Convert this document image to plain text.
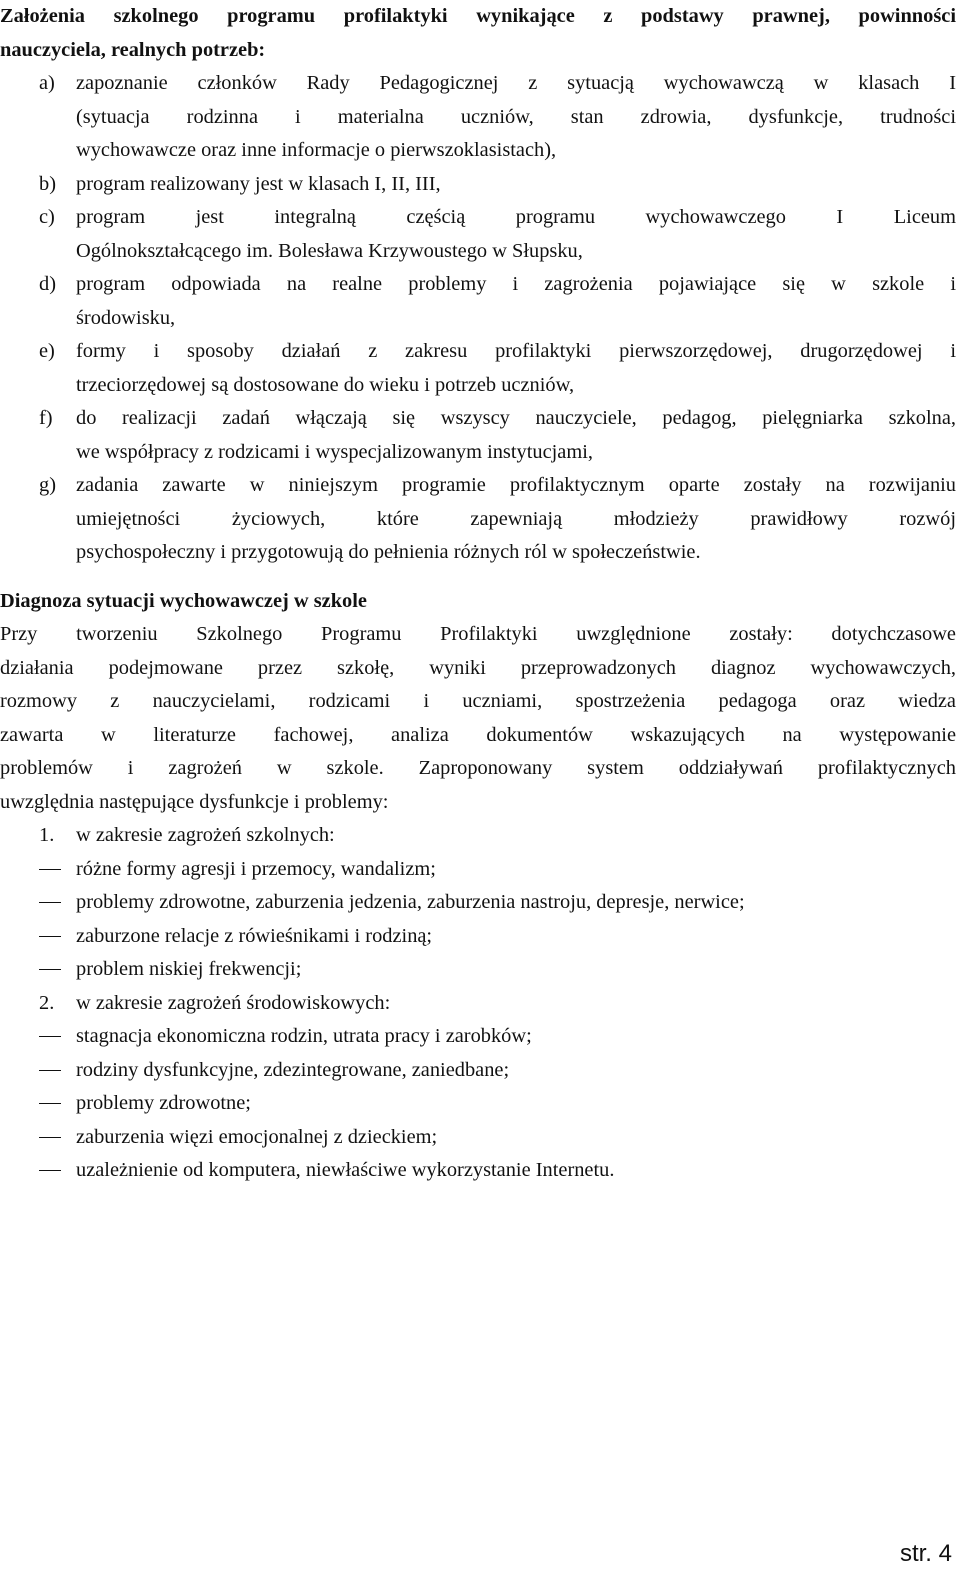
Założenia szkolnego programu profilaktyki wynikające z podstawy prawnej, powinności
nauczyciela, realnych potrzeb:
a) zapoznanie członków Rady Pedagogicznej z sytuacją wychowawczą w klasach I
(sytuacja rodzinna i materialna uczniów, stan zdrowia, dysfunkcje, trudności
wychowawcze oraz inne informacje o pierwszoklasistach),
b) program realizowany jest w klasach I, II, III,
c) program jest integralną częścią programu wychowawczego I Liceum
Ogólnokształcącego im. Bolesława Krzywoustego w Słupsku,
d) program odpowiada na realne problemy i zagrożenia pojawiające się w szkole i
środowisku,
e) formy i sposoby działań z zakresu profilaktyki pierwszorzędowej, drugorzędowej i
trzeciorzędowej są dostosowane do wieku i potrzeb uczniów,
f) do realizacji zadań włączają się wszyscy nauczyciele, pedagog, pielęgniarka szkolna,
we współpracy z rodzicami i wyspecjalizowanym instytucjami,
g) zadania zawarte w niniejszym programie profilaktycznym oparte zostały na rozwijaniu
umiejętności życiowych, które zapewniają młodzieży prawidłowy rozwój
psychospołeczny i przygotowują do pełnienia różnych ról w społeczeństwie.
Diagnoza sytuacji wychowawczej w szkole
Przy tworzeniu Szkolnego Programu Profilaktyki uwzględnione zostały: dotychczasowe
działania podejmowane przez szkołę, wyniki przeprowadzonych diagnoz wychowawczych,
rozmowy z nauczycielami, rodzicami i uczniami, spostrzeżenia pedagoga oraz wiedza
zawarta w literaturze fachowej, analiza dokumentów wskazujących na występowanie
problemów i zagrożeń w szkole. Zaproponowany system oddziaływań profilaktycznych
uwzględnia następujące dysfunkcje i problemy:
1. w zakresie zagrożeń szkolnych:
różne formy agresji i przemocy, wandalizm;
problemy zdrowotne, zaburzenia jedzenia, zaburzenia nastroju, depresje, nerwice;
zaburzone relacje z rówieśnikami i rodziną;
problem niskiej frekwencji;
2. w zakresie zagrożeń środowiskowych:
stagnacja ekonomiczna rodzin, utrata pracy i zarobków;
rodziny dysfunkcyjne, zdezintegrowane, zaniedbane;
problemy zdrowotne;
zaburzenia więzi emocjonalnej z dzieckiem;
uzależnienie od komputera, niewłaściwe wykorzystanie Internetu.
str. 4
